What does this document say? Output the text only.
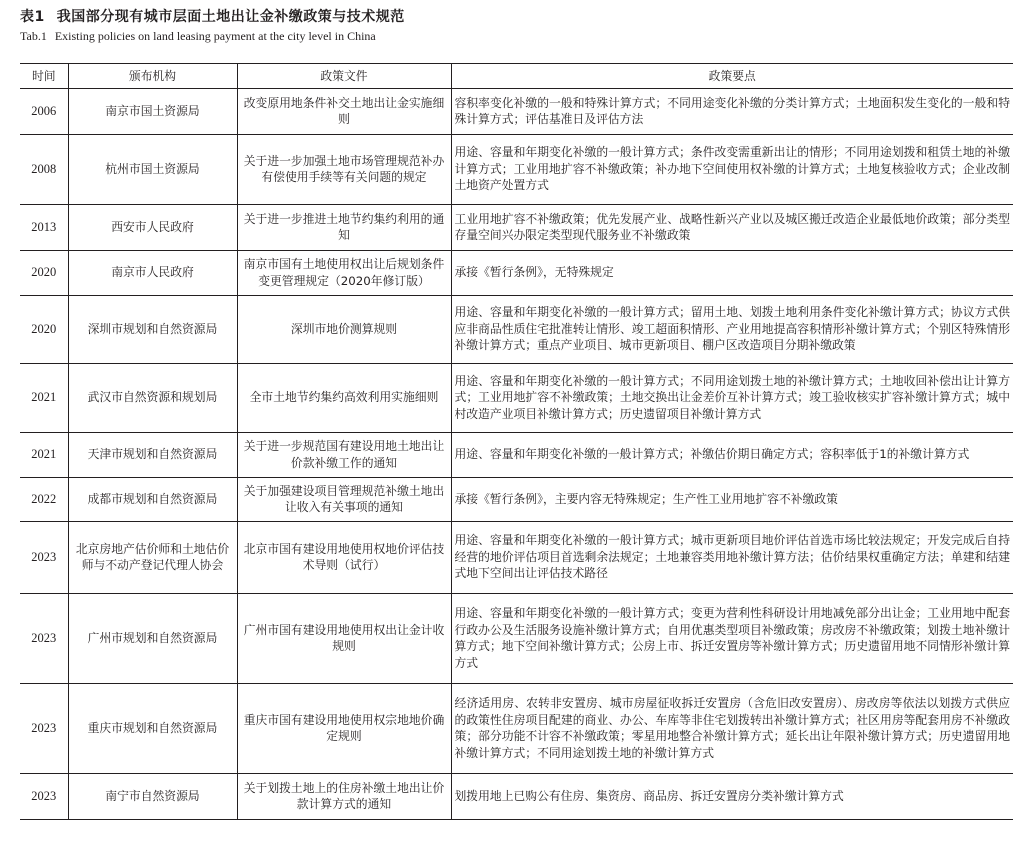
表1 我国部分现有城市层面土地出让金补缴政策与技术规范
Tab.1 Existing policies on land leasing payment at the city level in China
时间	颁布机构	政策文件	政策要点
2006	南京市国土资源局	改变原用地条件补交土地出让金实施细则	容积率变化补缴的一般和特殊计算方式；不同用途变化补缴的分类计算方式；土地面积发生变化的一般和特殊计算方式；评估基准日及评估方法
2008	杭州市国土资源局	关于进一步加强土地市场管理规范补办有偿使用手续等有关问题的规定	用途、容量和年期变化补缴的一般计算方式；条件改变需重新出让的情形；不同用途划拨和租赁土地的补缴计算方式；工业用地扩容不补缴政策；补办地下空间使用权补缴的计算方式；土地复核验收方式；企业改制土地资产处置方式
2013	西安市人民政府	关于进一步推进土地节约集约利用的通知	工业用地扩容不补缴政策；优先发展产业、战略性新兴产业以及城区搬迁改造企业最低地价政策；部分类型存量空间兴办限定类型现代服务业不补缴政策
2020	南京市人民政府	南京市国有土地使用权出让后规划条件变更管理规定（2020年修订版）	承接《暂行条例》，无特殊规定
2020	深圳市规划和自然资源局	深圳市地价测算规则	用途、容量和年期变化补缴的一般计算方式；留用土地、划拨土地利用条件变化补缴计算方式；协议方式供应非商品性质住宅批准转让情形、竣工超面积情形、产业用地提高容积情形补缴计算方式；个别区特殊情形补缴计算方式；重点产业项目、城市更新项目、棚户区改造项目分期补缴政策
2021	武汉市自然资源和规划局	全市土地节约集约高效利用实施细则	用途、容量和年期变化补缴的一般计算方式；不同用途划拨土地的补缴计算方式；土地收回补偿出让计算方式；工业用地扩容不补缴政策；土地交换出让金差价互补计算方式；竣工验收核实扩容补缴计算方式；城中村改造产业项目补缴计算方式；历史遗留项目补缴计算方式
2021	天津市规划和自然资源局	关于进一步规范国有建设用地土地出让价款补缴工作的通知	用途、容量和年期变化补缴的一般计算方式；补缴估价期日确定方式；容积率低于1的补缴计算方式
2022	成都市规划和自然资源局	关于加强建设项目管理规范补缴土地出让收入有关事项的通知	承接《暂行条例》，主要内容无特殊规定；生产性工业用地扩容不补缴政策
2023	北京房地产估价师和土地估价师与不动产登记代理人协会	北京市国有建设用地使用权地价评估技术导则（试行）	用途、容量和年期变化补缴的一般计算方式；城市更新项目地价评估首选市场比较法规定；开发完成后自持经营的地价评估项目首选剩余法规定；土地兼容类用地补缴计算方法；估价结果权重确定方法；单建和结建式地下空间出让评估技术路径
2023	广州市规划和自然资源局	广州市国有建设用地使用权出让金计收规则	用途、容量和年期变化补缴的一般计算方式；变更为营利性科研设计用地减免部分出让金；工业用地中配套行政办公及生活服务设施补缴计算方式；自用优惠类型项目补缴政策；房改房不补缴政策；划拨土地补缴计算方式；地下空间补缴计算方式；公房上市、拆迁安置房等补缴计算方式；历史遗留用地不同情形补缴计算方式
2023	重庆市规划和自然资源局	重庆市国有建设用地使用权宗地地价确定规则	经济适用房、农转非安置房、城市房屋征收拆迁安置房（含危旧改安置房）、房改房等依法以划拨方式供应的政策性住房项目配建的商业、办公、车库等非住宅划拨转出补缴计算方式；社区用房等配套用房不补缴政策；部分功能不计容不补缴政策；零星用地整合补缴计算方式；延长出让年限补缴计算方式；历史遗留用地补缴计算方式；不同用途划拨土地的补缴计算方式
2023	南宁市自然资源局	关于划拨土地上的住房补缴土地出让价款计算方式的通知	划拨用地上已购公有住房、集资房、商品房、拆迁安置房分类补缴计算方式
